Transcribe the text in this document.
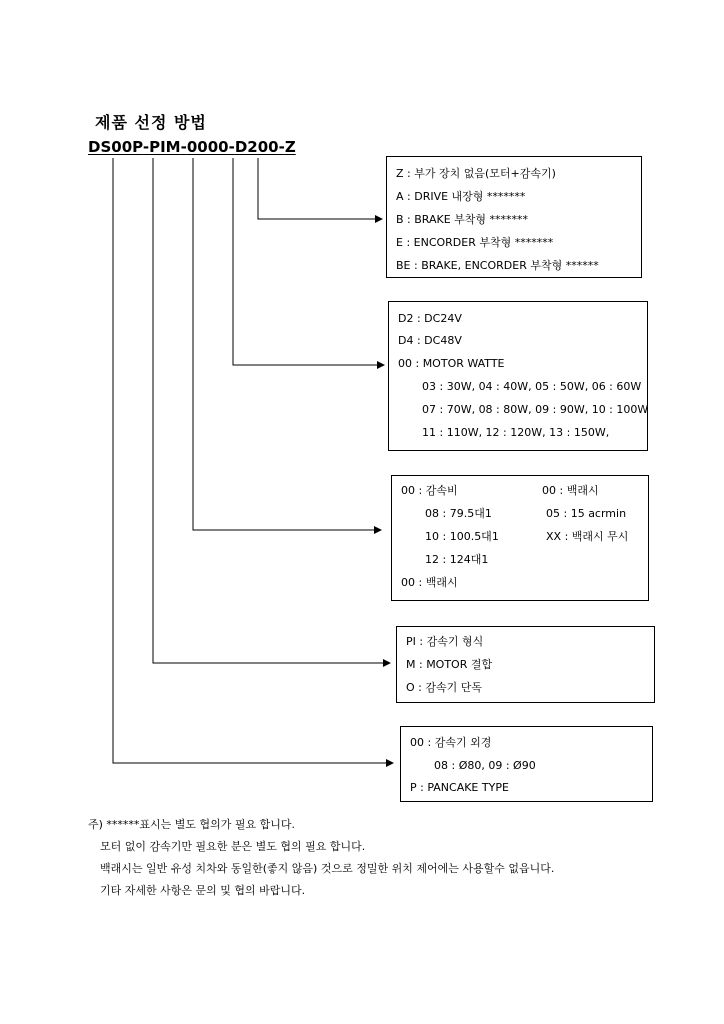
제품 선정 방법
DS00P-PIM-0000-D200-Z
Z : 부가 장치 없음(모터+감속기)
A : DRIVE 내장형 *******
B : BRAKE 부착형 *******
E : ENCORDER 부착형 *******
BE : BRAKE, ENCORDER 부착형 ******
D2 : DC24V
D4 : DC48V
00 : MOTOR WATTE
03 : 30W, 04 : 40W, 05 : 50W, 06 : 60W
07 : 70W, 08 : 80W, 09 : 90W, 10 : 100W
11 : 110W, 12 : 120W, 13 : 150W,
00 : 감속비
08 : 79.5대1
10 : 100.5대1
12 : 124대1
00 : 백래시
00 : 백래시
05 : 15 acrmin
XX : 백래시 무시
PI : 감속기 형식
M : MOTOR 결합
O : 감속기 단독
00 : 감속기 외경
08 : Ø80, 09 : Ø90
P : PANCAKE TYPE
주) ******표시는 별도 협의가 필요 합니다.
모터 없이 감속기만 필요한 분은 별도 협의 필요 합니다.
백래시는 일반 유성 치차와 동일한(좋지 않음) 것으로 정밀한 위치 제어에는 사용할수 없읍니다.
기타 자세한 사항은 문의 및 협의 바랍니다.
